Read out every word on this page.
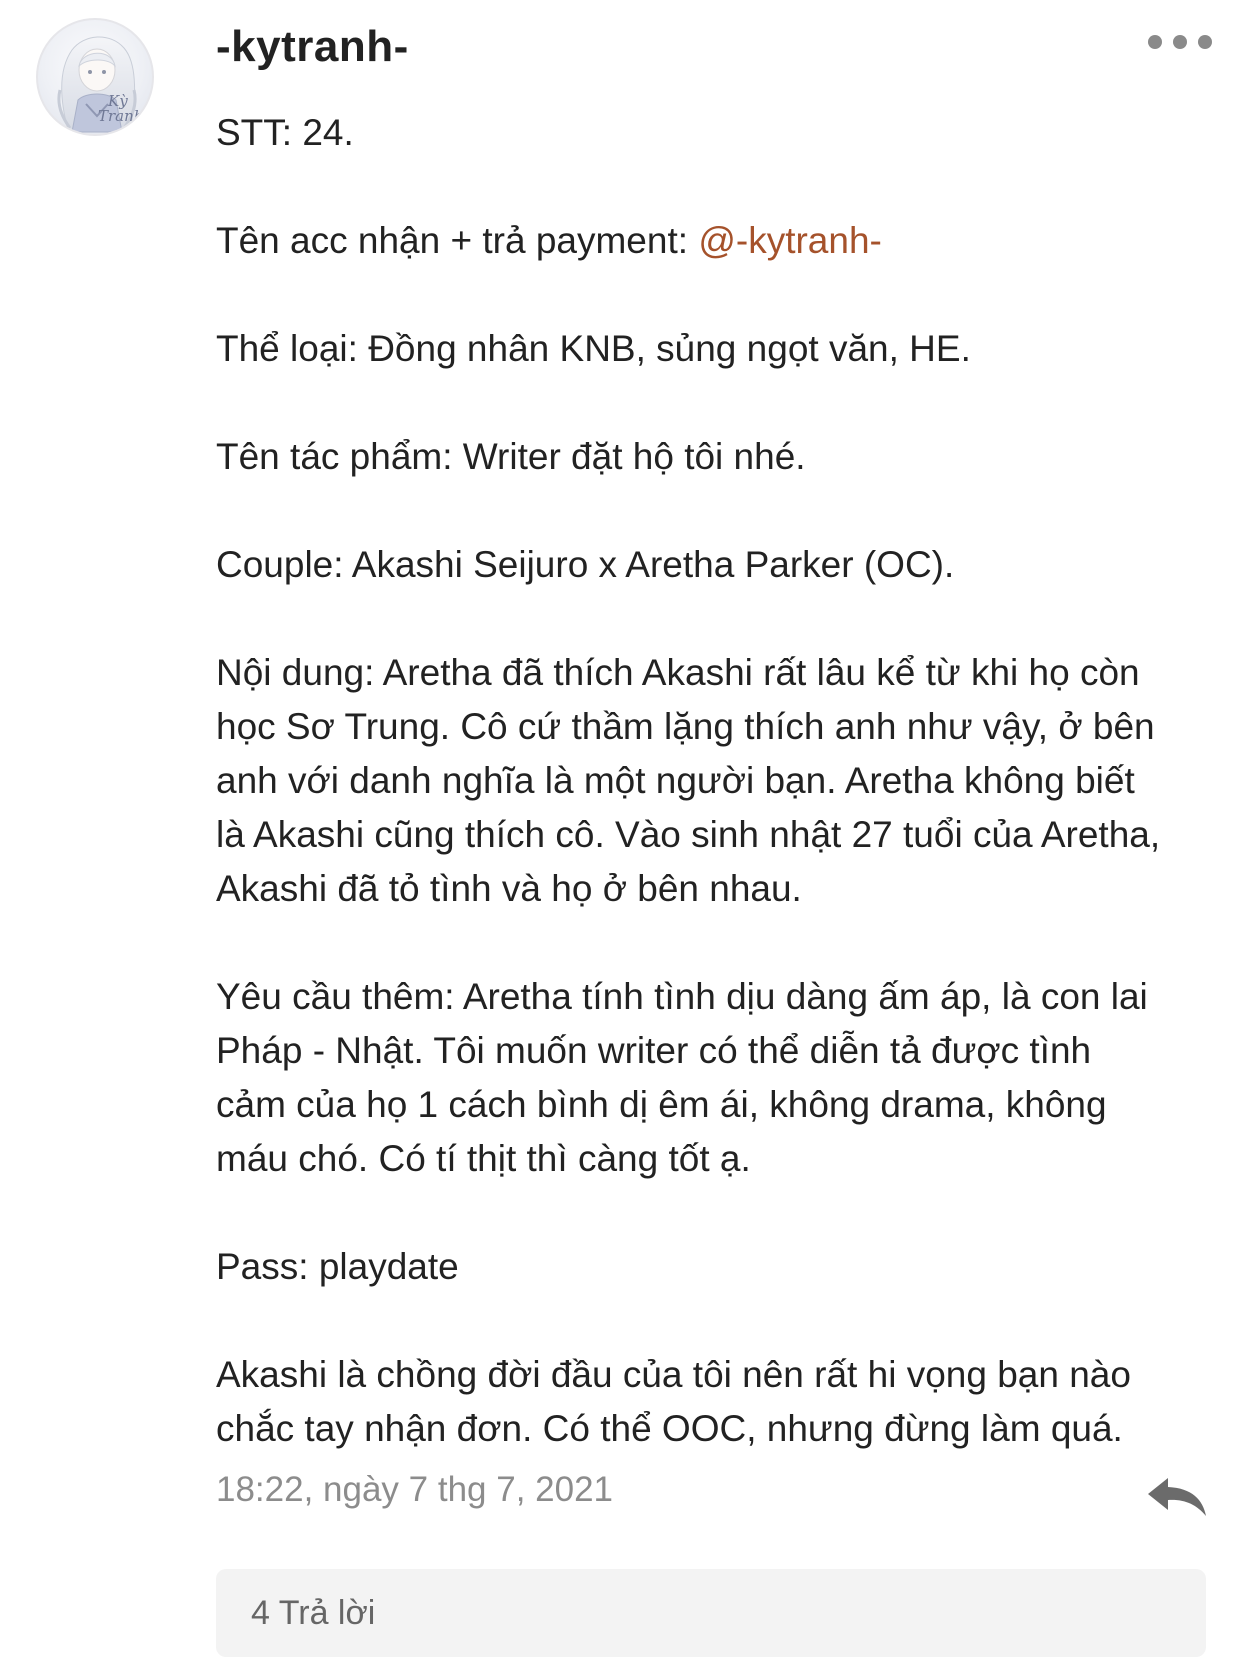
Kỳ
Tranh
-kytranh-
STT: 24.
Tên acc nhận + trả payment: @-kytranh-
Thể loại: Đồng nhân KNB, sủng ngọt văn, HE.
Tên tác phẩm: Writer đặt hộ tôi nhé.
Couple: Akashi Seijuro x Aretha Parker (OC).
Nội dung: Aretha đã thích Akashi rất lâu kể từ khi họ còn
học Sơ Trung. Cô cứ thầm lặng thích anh như vậy, ở bên
anh với danh nghĩa là một người bạn. Aretha không biết
là Akashi cũng thích cô. Vào sinh nhật 27 tuổi của Aretha,
Akashi đã tỏ tình và họ ở bên nhau.
Yêu cầu thêm: Aretha tính tình dịu dàng ấm áp, là con lai
Pháp - Nhật. Tôi muốn writer có thể diễn tả được tình
cảm của họ 1 cách bình dị êm ái, không drama, không
máu chó. Có tí thịt thì càng tốt ạ.
Pass: playdate
Akashi là chồng đời đầu của tôi nên rất hi vọng bạn nào
chắc tay nhận đơn. Có thể OOC, nhưng đừng làm quá.
18:22, ngày 7 thg 7, 2021
4 Trả lời
